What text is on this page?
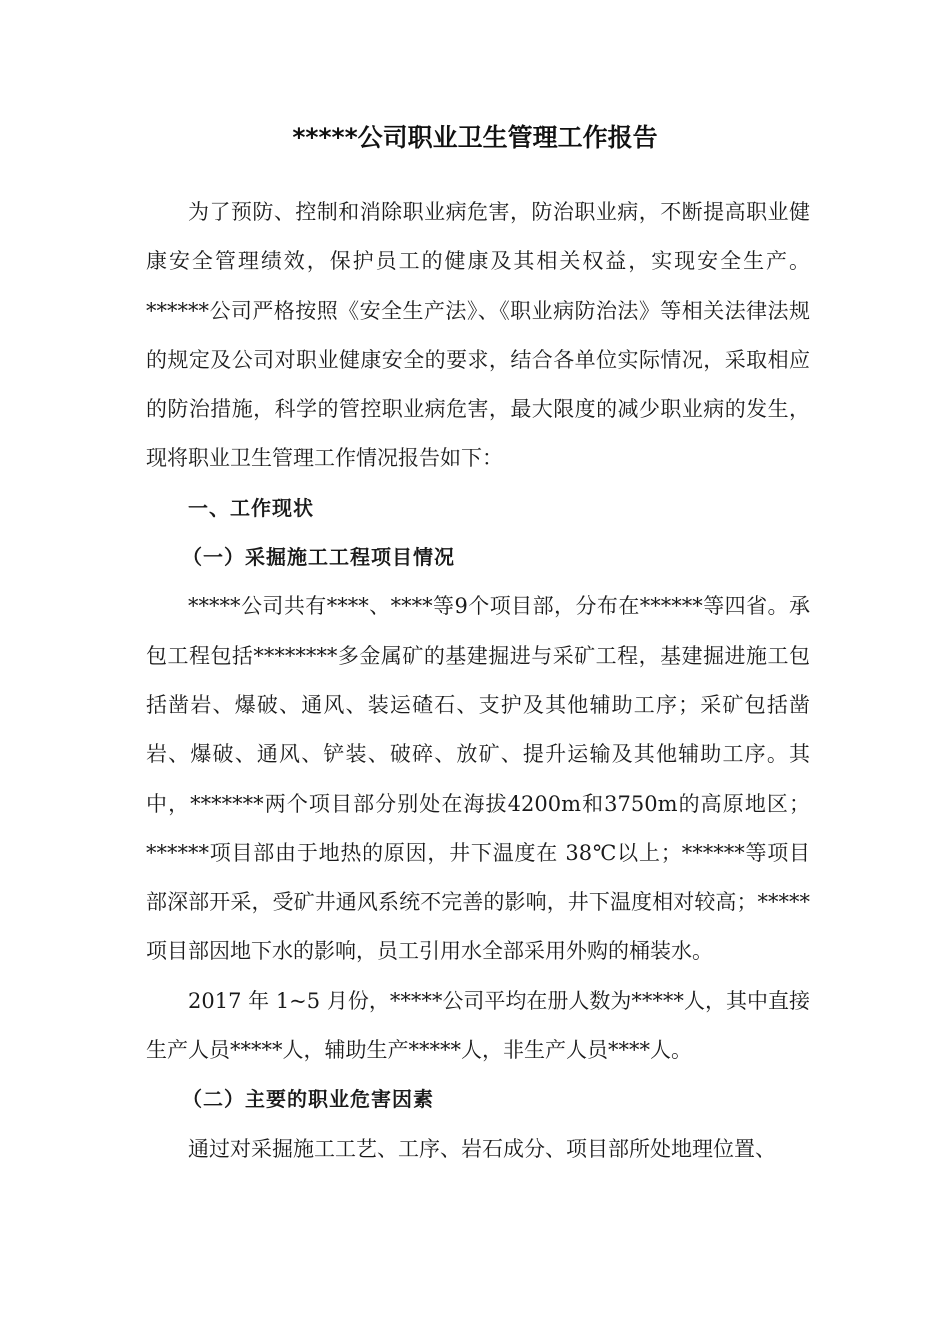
*****公司职业卫生管理工作报告

为了预防、控制和消除职业病危害，防治职业病，不断提高职业健康安全管理绩效，保护员工的健康及其相关权益，实现安全生产。******公司严格按照《安全生产法》、《职业病防治法》等相关法律法规的规定及公司对职业健康安全的要求，结合各单位实际情况，采取相应的防治措施，科学的管控职业病危害，最大限度的减少职业病的发生，现将职业卫生管理工作情况报告如下：

一、工作现状

（一）采掘施工工程项目情况

*****公司共有****、****等9个项目部，分布在******等四省。承包工程包括********多金属矿的基建掘进与采矿工程，基建掘进施工包括凿岩、爆破、通风、装运碴石、支护及其他辅助工序；采矿包括凿岩、爆破、通风、铲装、破碎、放矿、提升运输及其他辅助工序。其中，*******两个项目部分别处在海拔4200m和3750m的高原地区；******项目部由于地热的原因，井下温度在 38℃以上；******等项目部深部开采，受矿井通风系统不完善的影响，井下温度相对较高；*****项目部因地下水的影响，员工引用水全部采用外购的桶装水。

2017 年 1~5 月份，*****公司平均在册人数为*****人，其中直接生产人员*****人，辅助生产*****人，非生产人员****人。

（二）主要的职业危害因素

通过对采掘施工工艺、工序、岩石成分、项目部所处地理位置、
